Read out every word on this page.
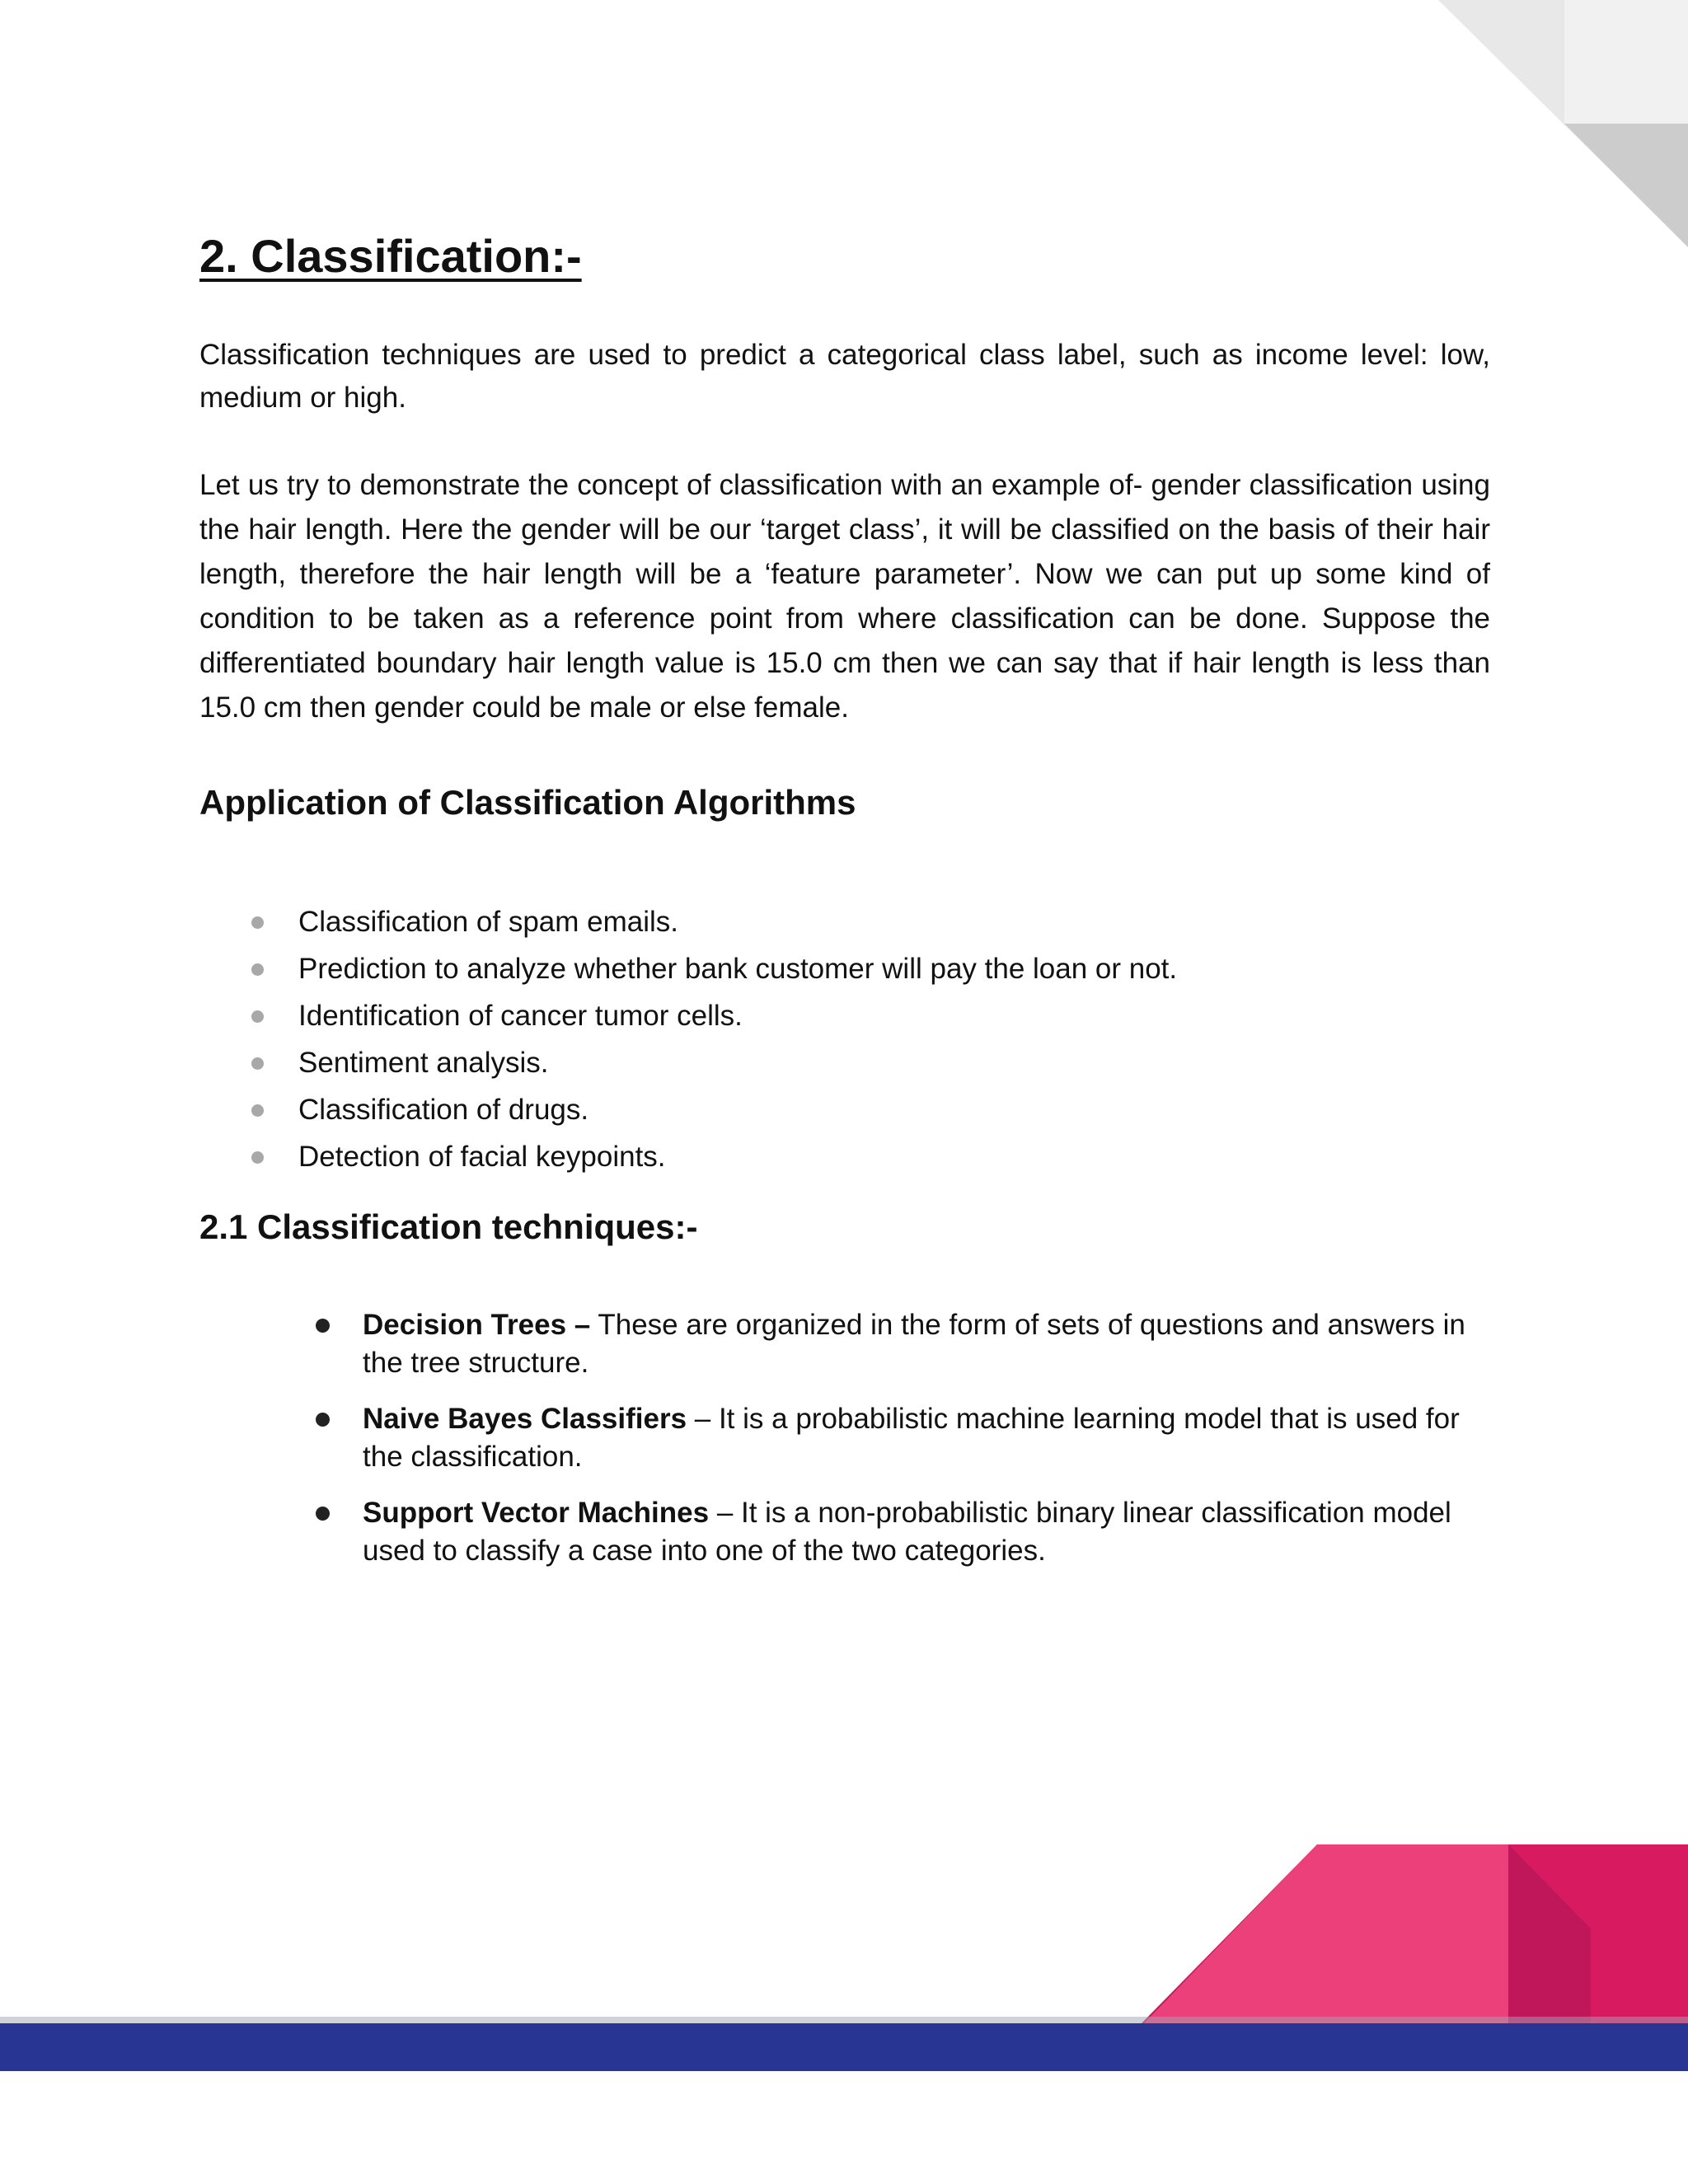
2. Classification:-

Classification techniques are used to predict a categorical class label, such as income level: low, medium or high.

Let us try to demonstrate the concept of classification with an example of- gender classification using the hair length. Here the gender will be our ‘target class’, it will be classified on the basis of their hair length, therefore the hair length will be a ‘feature parameter’. Now we can put up some kind of condition to be taken as a reference point from where classification can be done. Suppose the differentiated boundary hair length value is 15.0 cm then we can say that if hair length is less than 15.0 cm then gender could be male or else female.

Application of Classification Algorithms
Classification of spam emails.
Prediction to analyze whether bank customer will pay the loan or not.
Identification of cancer tumor cells.
Sentiment analysis.
Classification of drugs.
Detection of facial keypoints.
2.1 Classification techniques:-
Decision Trees – These are organized in the form of sets of questions and answers in the tree structure.
Naive Bayes Classifiers – It is a probabilistic machine learning model that is used for the classification.
Support Vector Machines – It is a non-probabilistic binary linear classification model used to classify a case into one of the two categories.
